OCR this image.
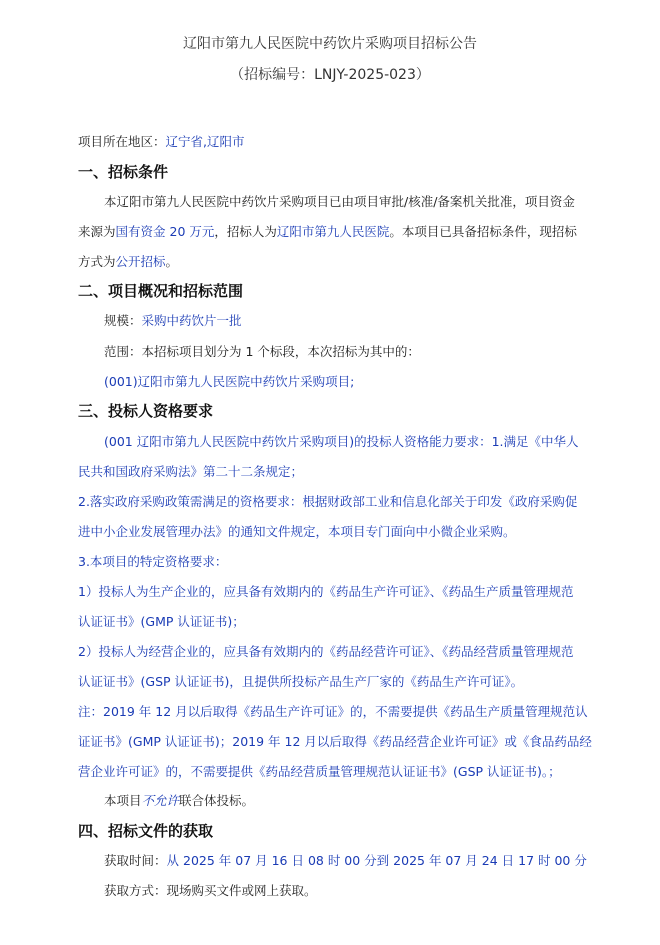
辽阳市第九人民医院中药饮片采购项目招标公告
（招标编号：LNJY-2025-023）
项目所在地区：辽宁省,辽阳市
一、招标条件
本辽阳市第九人民医院中药饮片采购项目已由项目审批/核准/备案机关批准，项目资金
来源为国有资金 20 万元，招标人为辽阳市第九人民医院。本项目已具备招标条件，现招标
方式为公开招标。
二、项目概况和招标范围
规模：采购中药饮片一批
范围：本招标项目划分为 1 个标段，本次招标为其中的：
(001)辽阳市第九人民医院中药饮片采购项目;
三、投标人资格要求
(001 辽阳市第九人民医院中药饮片采购项目)的投标人资格能力要求：1.满足《中华人
民共和国政府采购法》第二十二条规定；
2.落实政府采购政策需满足的资格要求：根据财政部工业和信息化部关于印发《政府采购促
进中小企业发展管理办法》的通知文件规定，本项目专门面向中小微企业采购。
3.本项目的特定资格要求：
1）投标人为生产企业的，应具备有效期内的《药品生产许可证》、《药品生产质量管理规范
认证证书》(GMP 认证证书)；
2）投标人为经营企业的，应具备有效期内的《药品经营许可证》、《药品经营质量管理规范
认证证书》(GSP 认证证书)，且提供所投标产品生产厂家的《药品生产许可证》。
注：2019 年 12 月以后取得《药品生产许可证》的，不需要提供《药品生产质量管理规范认
证证书》(GMP 认证证书)；2019 年 12 月以后取得《药品经营企业许可证》或《食品药品经
营企业许可证》的，不需要提供《药品经营质量管理规范认证证书》(GSP 认证证书)。；
本项目不允许联合体投标。
四、招标文件的获取
获取时间：从 2025 年 07 月 16 日 08 时 00 分到 2025 年 07 月 24 日 17 时 00 分
获取方式：现场购买文件或网上获取。
